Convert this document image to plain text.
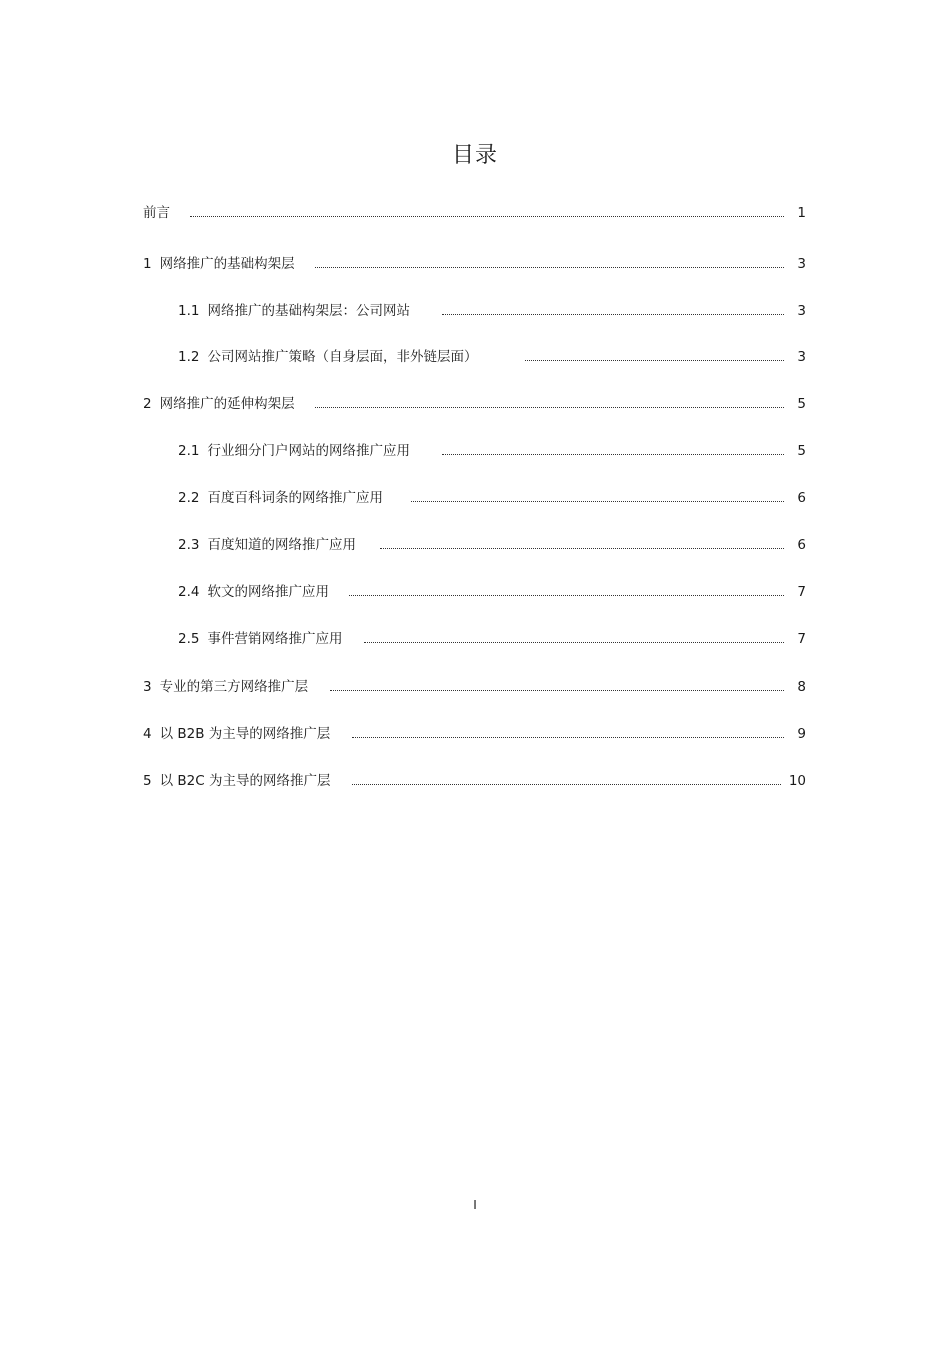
目录
前言	1
1 网络推广的基础构架层	3
1.1 网络推广的基础构架层：公司网站	3
1.2 公司网站推广策略（自身层面，非外链层面）	3
2 网络推广的延伸构架层	5
2.1 行业细分门户网站的网络推广应用	5
2.2 百度百科词条的网络推广应用	6
2.3 百度知道的网络推广应用	6
2.4 软文的网络推广应用	7
2.5 事件营销网络推广应用	7
3 专业的第三方网络推广层	8
4 以 B2B 为主导的网络推广层	9
5 以 B2C 为主导的网络推广层	10
I
